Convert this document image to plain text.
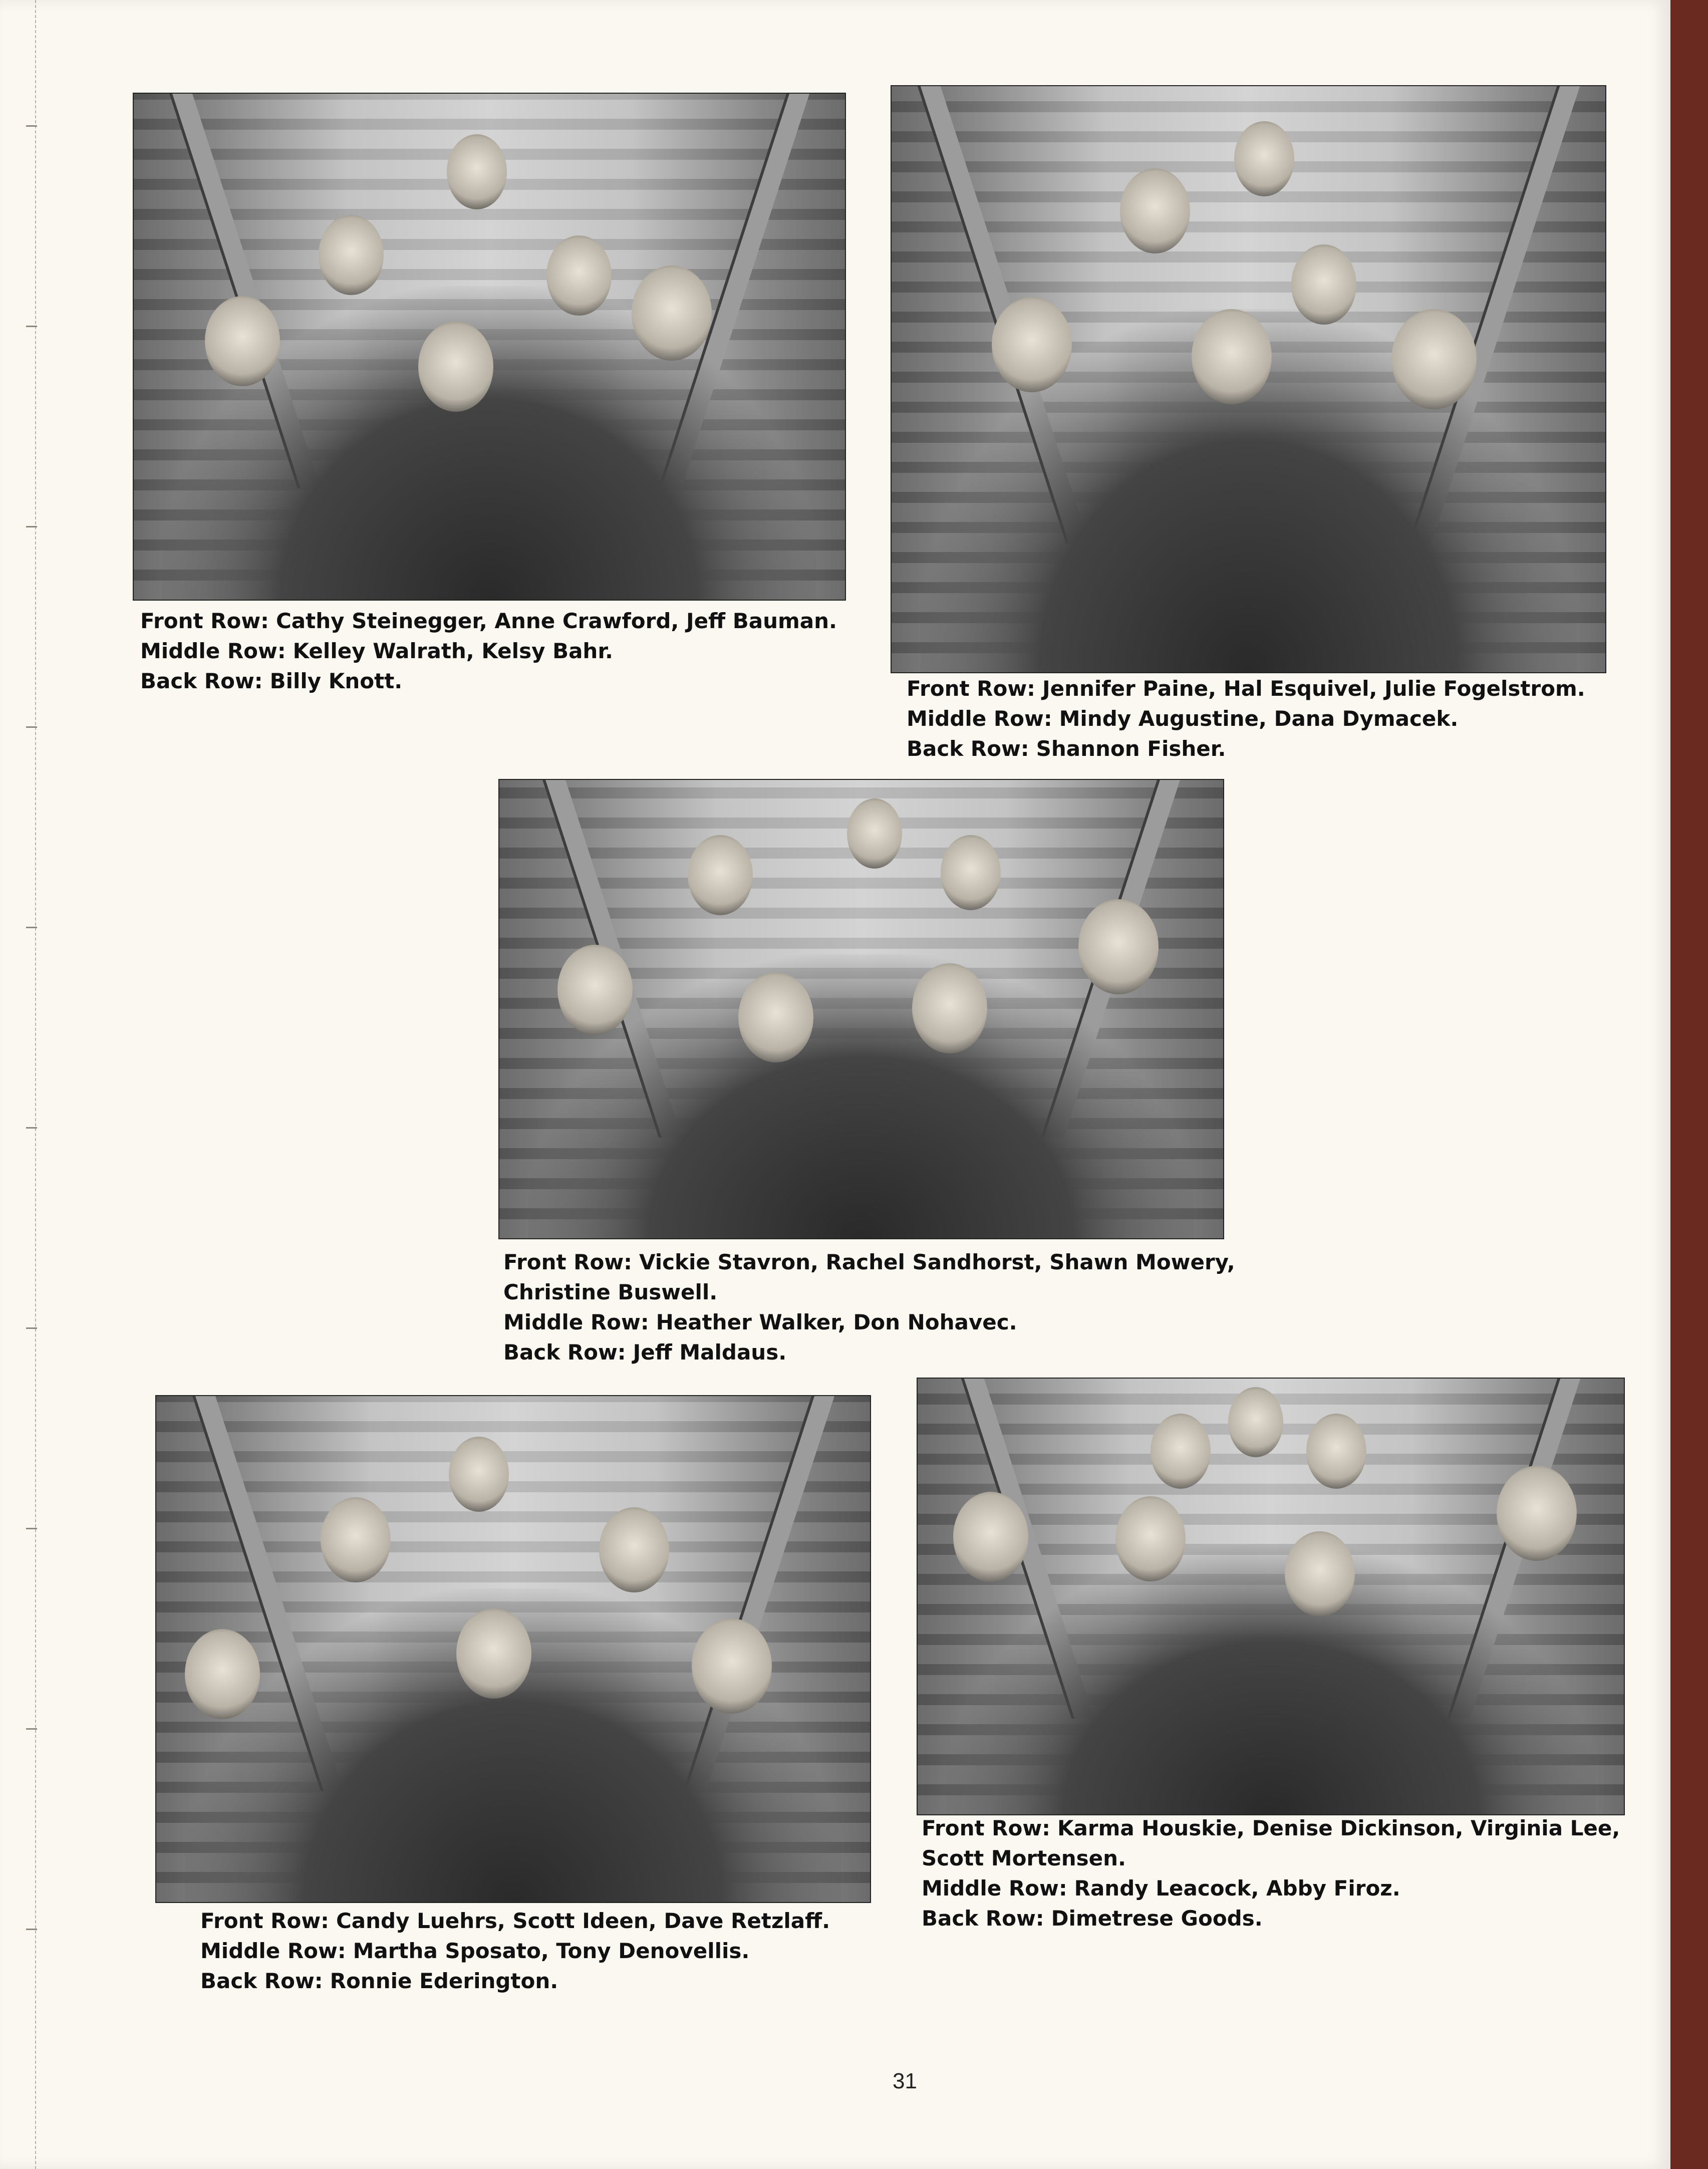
Front Row: Cathy Steinegger, Anne Crawford, Jeff Bauman.
Middle Row: Kelley Walrath, Kelsy Bahr.
Back Row: Billy Knott.	Front Row: Jennifer Paine, Hal Esquivel, Julie Fogelstrom.
Middle Row: Mindy Augustine, Dana Dymacek.
Back Row: Shannon Fisher.
Front Row: Vickie Stavron, Rachel Sandhorst, Shawn Mowery,
Christine Buswell.
Middle Row: Heather Walker, Don Nohavec.
Back Row: Jeff Maldaus.
Front Row: Candy Luehrs, Scott Ideen, Dave Retzlaff.
Middle Row: Martha Sposato, Tony Denovellis.
Back Row: Ronnie Ederington.
Front Row: Karma Houskie, Denise Dickinson, Virginia Lee,
Scott Mortensen.
Middle Row: Randy Leacock, Abby Firoz.
Back Row: Dimetrese Goods.
31
